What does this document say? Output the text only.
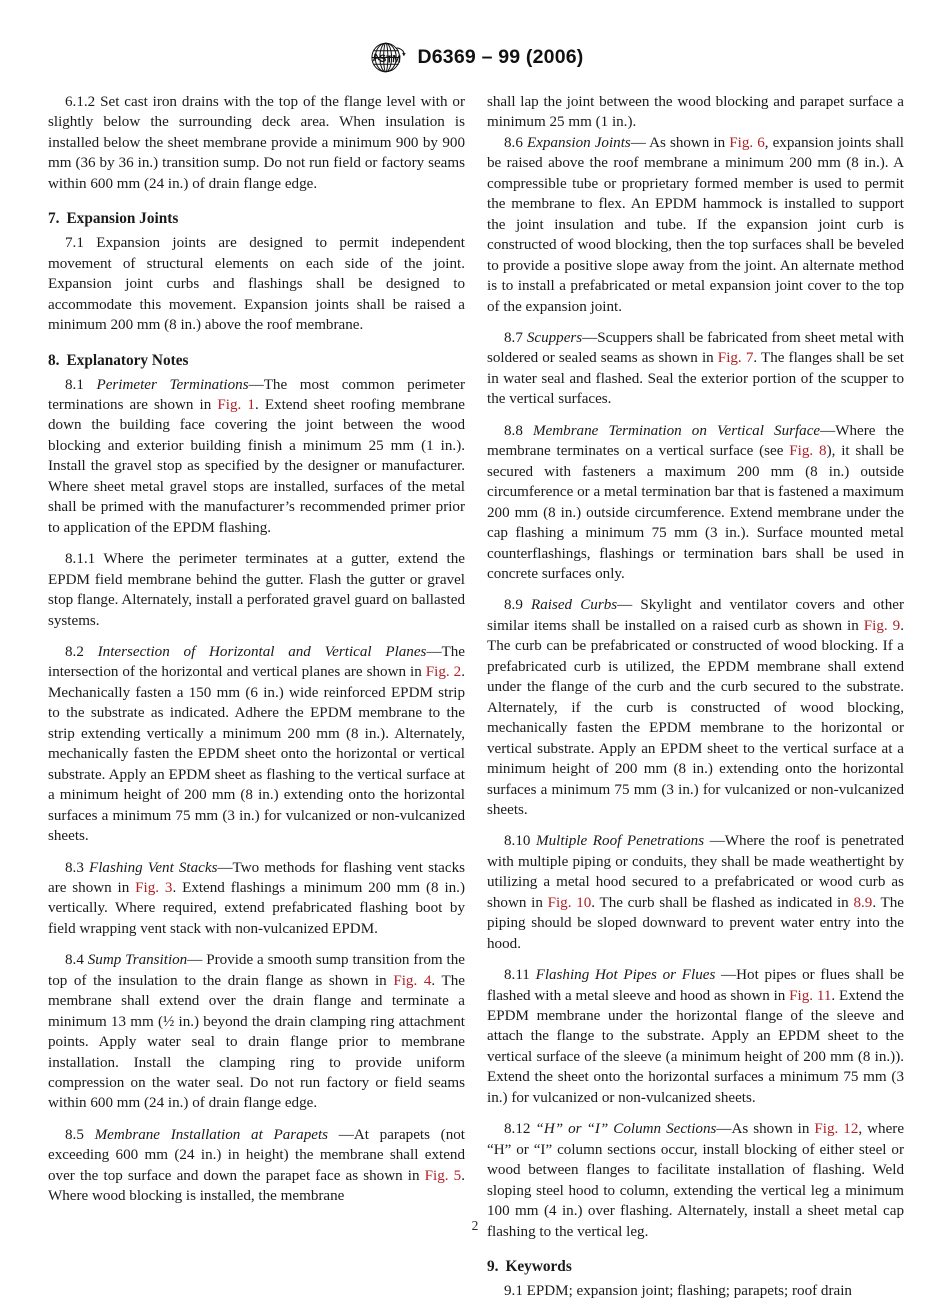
A
S T M D6369 – 99 (2006)

6.1.2 Set cast iron drains with the top of the flange level with or slightly below the surrounding deck area. When insulation is installed below the sheet membrane provide a minimum 900 by 900 mm (36 by 36 in.) transition sump. Do not run field or factory seams within 600 mm (24 in.) of drain flange edge.

7. Expansion Joints

7.1 Expansion joints are designed to permit independent movement of structural elements on each side of the joint. Expansion joint curbs and flashings shall be designed to accommodate this movement. Expansion joints shall be raised a minimum 200 mm (8 in.) above the roof membrane.

8. Explanatory Notes

8.1 Perimeter Terminations—The most common perimeter terminations are shown in Fig. 1. Extend sheet roofing membrane down the building face covering the joint between the wood blocking and exterior building finish a minimum 25 mm (1 in.). Install the gravel stop as specified by the designer or manufacturer. Where sheet metal gravel stops are installed, surfaces of the metal shall be primed with the manufacturer’s recommended primer prior to application of the EPDM flashing.

8.1.1 Where the perimeter terminates at a gutter, extend the EPDM field membrane behind the gutter. Flash the gutter or gravel stop flange. Alternately, install a perforated gravel guard on ballasted systems.

8.2 Intersection of Horizontal and Vertical Planes—The intersection of the horizontal and vertical planes are shown in Fig. 2. Mechanically fasten a 150 mm (6 in.) wide reinforced EPDM strip to the substrate as indicated. Adhere the EPDM membrane to the strip extending vertically a minimum 200 mm (8 in.). Alternately, mechanically fasten the EPDM sheet onto the horizontal or vertical substrate. Apply an EPDM sheet as flashing to the vertical surface at a minimum height of 200 mm (8 in.) extending onto the horizontal surfaces a minimum 75 mm (3 in.) for vulcanized or non-vulcanized sheets.

8.3 Flashing Vent Stacks—Two methods for flashing vent stacks are shown in Fig. 3. Extend flashings a minimum 200 mm (8 in.) vertically. Where required, extend prefabricated flashing boot by field wrapping vent stack with non-vulcanized EPDM.

8.4 Sump Transition— Provide a smooth sump transition from the top of the insulation to the drain flange as shown in Fig. 4. The membrane shall extend over the drain flange and terminate a minimum 13 mm (½ in.) beyond the drain clamping ring attachment points. Apply water seal to drain flange prior to membrane installation. Install the clamping ring to provide uniform compression on the water seal. Do not run factory or field seams within 600 mm (24 in.) of drain flange edge.

8.5 Membrane Installation at Parapets —At parapets (not exceeding 600 mm (24 in.) in height) the membrane shall extend over the top surface and down the parapet face as shown in Fig. 5. Where wood blocking is installed, the membrane

shall lap the joint between the wood blocking and parapet surface a minimum 25 mm (1 in.).

8.6 Expansion Joints— As shown in Fig. 6, expansion joints shall be raised above the roof membrane a minimum 200 mm (8 in.). A compressible tube or proprietary formed member is used to permit the membrane to flex. An EPDM hammock is installed to support the joint insulation and tube. If the expansion joint curb is constructed of wood blocking, then the top surfaces shall be beveled to provide a positive slope away from the joint. An alternate method is to install a prefabricated or metal expansion joint cover to the top of the expansion joint.

8.7 Scuppers—Scuppers shall be fabricated from sheet metal with soldered or sealed seams as shown in Fig. 7. The flanges shall be set in water seal and flashed. Seal the exterior portion of the scupper to the vertical surfaces.

8.8 Membrane Termination on Vertical Surface—Where the membrane terminates on a vertical surface (see Fig. 8), it shall be secured with fasteners a maximum 200 mm (8 in.) outside circumference or a metal termination bar that is fastened a maximum 200 mm (8 in.) outside circumference. Extend membrane under the cap flashing a minimum 75 mm (3 in.). Surface mounted metal counterflashings, flashings or termination bars shall be used in concrete surfaces only.

8.9 Raised Curbs— Skylight and ventilator covers and other similar items shall be installed on a raised curb as shown in Fig. 9. The curb can be prefabricated or constructed of wood blocking. If a prefabricated curb is utilized, the EPDM membrane shall extend under the flange of the curb and the curb secured to the substrate. Alternately, if the curb is constructed of wood blocking, mechanically fasten the EPDM membrane to the horizontal or vertical substrate. Apply an EPDM sheet to the vertical surface at a minimum height of 200 mm (8 in.) extending onto the horizontal surfaces a minimum 75 mm (3 in.) for vulcanized or non-vulcanized sheets.

8.10 Multiple Roof Penetrations —Where the roof is penetrated with multiple piping or conduits, they shall be made weathertight by utilizing a metal hood secured to a prefabricated or wood curb as shown in Fig. 10. The curb shall be flashed as indicated in 8.9. The piping should be sloped downward to prevent water entry into the hood.

8.11 Flashing Hot Pipes or Flues —Hot pipes or flues shall be flashed with a metal sleeve and hood as shown in Fig. 11. Extend the EPDM membrane under the horizontal flange of the sleeve and attach the flange to the substrate. Apply an EPDM sheet to the vertical surface of the sleeve (a minimum height of 200 mm (8 in.)). Extend the sheet onto the horizontal surfaces a minimum 75 mm (3 in.) for vulcanized or non-vulcanized sheets.

8.12 “H” or “I” Column Sections—As shown in Fig. 12, where “H” or “I” column sections occur, install blocking of either steel or wood between flanges to facilitate installation of flashing. Weld sloping steel hood to column, extending the vertical leg a minimum 100 mm (4 in.) over flashing. Alternately, install a sheet metal cap flashing to the vertical leg.

9. Keywords

9.1 EPDM; expansion joint; flashing; parapets; roof drain

2
